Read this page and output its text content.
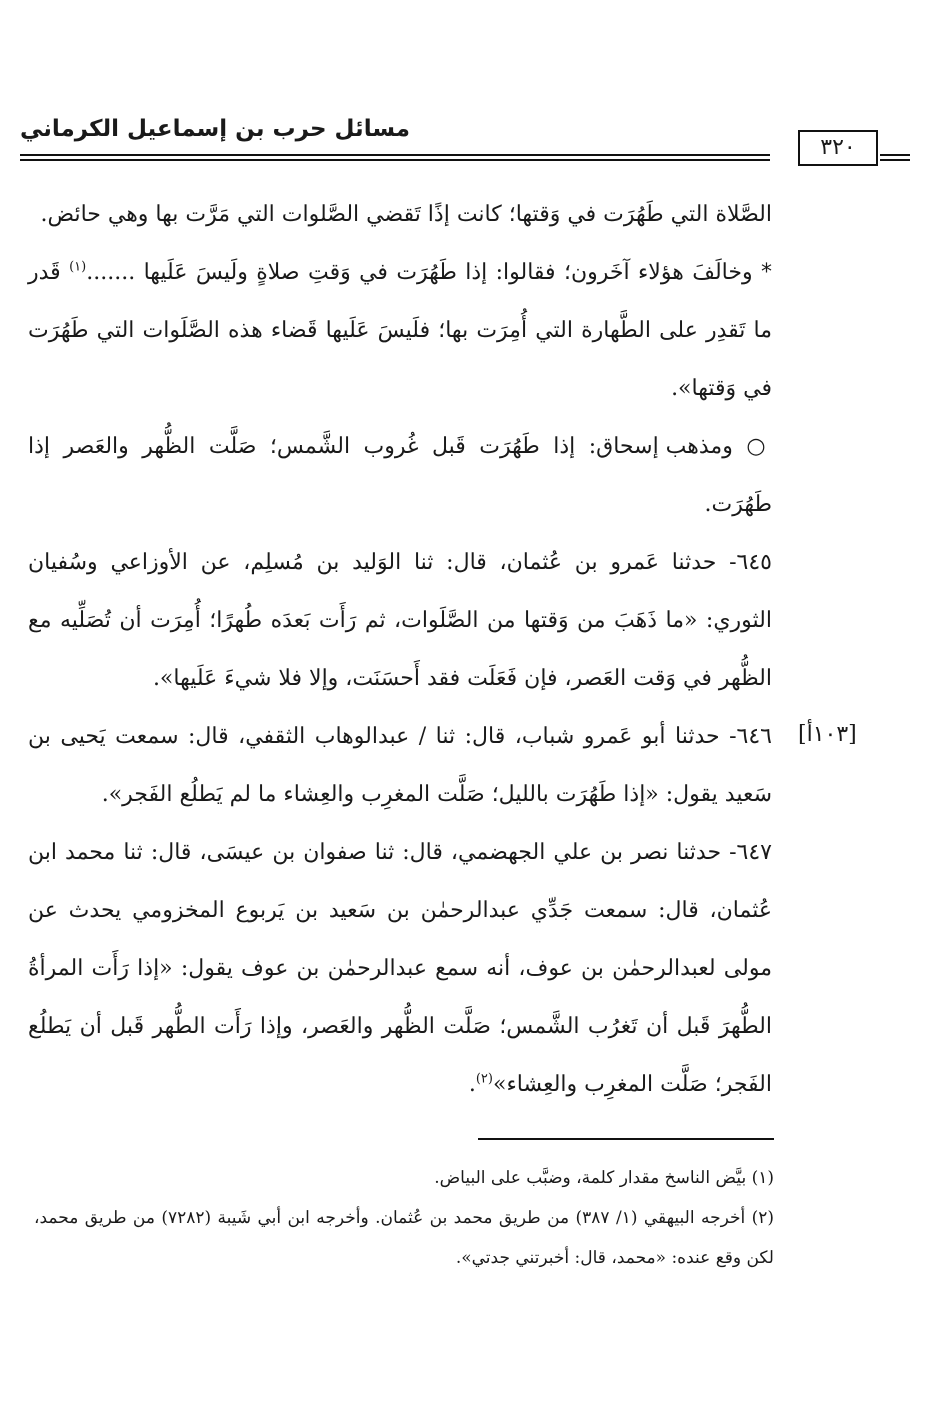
مسائل حرب بن إسماعيل الكرماني
٣٢٠
[١٠٣أ]

الصَّلاة التي طَهُرَت في وَقتها؛ كانت إذًا تَقضي الصَّلوات التي مَرَّت بها وهي حائض.

* وخالَفَ هؤلاء آخَرون؛ فقالوا: إذا طَهُرَت في وَقتِ صلاةٍ ولَيسَ عَلَيها .......$^{(١)}$ قَدر ما تَقدِر على الطَّهارة التي أُمِرَت بها؛ فلَيسَ عَلَيها قَضاء هذه الصَّلَوات التي طَهُرَت في وَقتها».

○ ومذهب إسحاق: إذا طَهُرَت قَبل غُروب الشَّمس؛ صَلَّت الظُّهر والعَصر إذا طَهُرَت.

٦٤٥- حدثنا عَمرو بن عُثمان، قال: ثنا الوَليد بن مُسلِم، عن الأوزاعي وسُفيان الثوري: «ما ذَهَبَ من وَقتها من الصَّلَوات، ثم رَأَت بَعدَه طُهرًا؛ أُمِرَت أن تُصَلِّيه مع الظُّهر في وَقت العَصر، فإن فَعَلَت فقد أَحسَنَت، وإلا فلا شيءَ عَلَيها».

٦٤٦- حدثنا أبو عَمرو شباب، قال: ثنا / عبدالوهاب الثقفي، قال: سمعت يَحيى بن سَعيد يقول: «إذا طَهُرَت بالليل؛ صَلَّت المغرِب والعِشاء ما لم يَطلُع الفَجر».

٦٤٧- حدثنا نصر بن علي الجهضمي، قال: ثنا صفوان بن عيسَى، قال: ثنا محمد ابن عُثمان، قال: سمعت جَدِّي عبدالرحمٰن بن سَعيد بن يَربوع المخزومي يحدث عن مولى لعبدالرحمٰن بن عوف، أنه سمع عبدالرحمٰن بن عوف يقول: «إذا رَأَت المرأةُ الطُّهرَ قَبل أن تَغرُب الشَّمس؛ صَلَّت الظُّهر والعَصر، وإذا رَأَت الطُّهر قَبل أن يَطلُع الفَجر؛ صَلَّت المغرِب والعِشاء»$^{(٢)}$.

(١) بيَّض الناسخ مقدار كلمة، وضبَّب على البياض.

(٢) أخرجه البيهقي (١/ ٣٨٧) من طريق محمد بن عُثمان. وأخرجه ابن أبي شَيبة (٧٢٨٢) من طريق محمد، لكن وقع عنده: «محمد، قال: أخبرتني جدتي».
